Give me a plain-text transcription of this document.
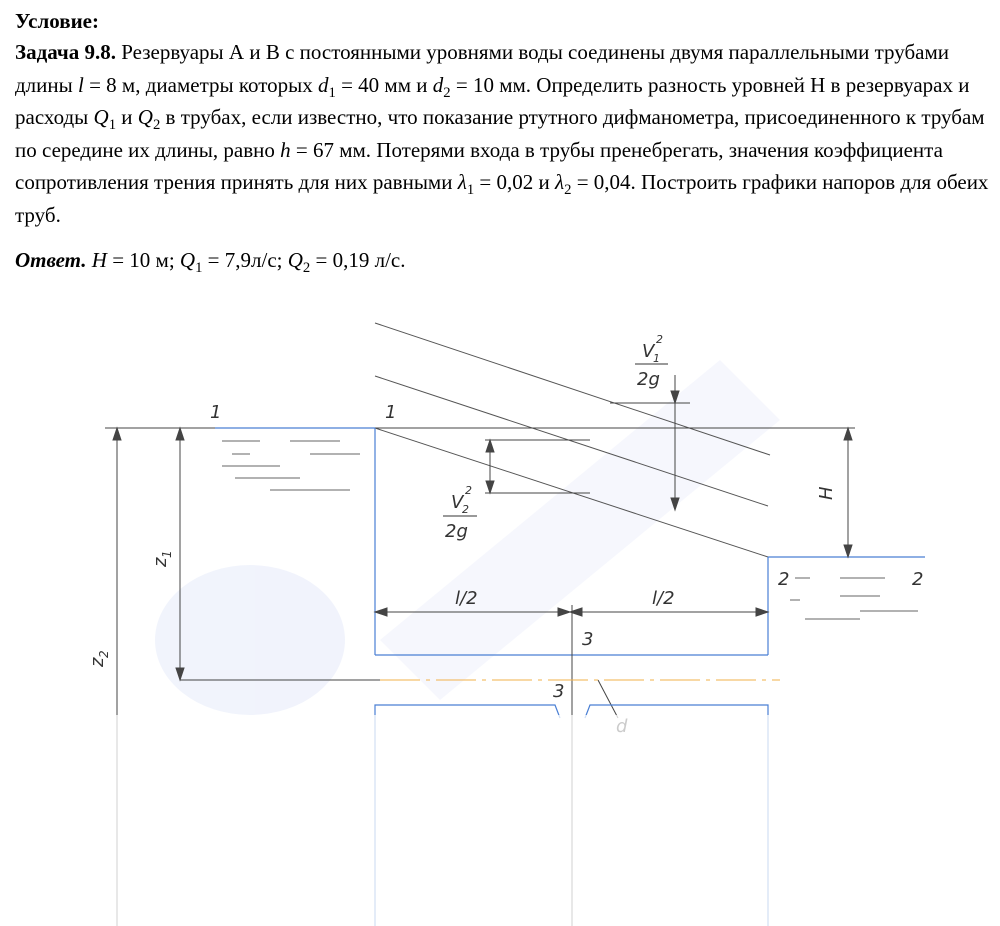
Условие:

Задача 9.8. Резервуары А и В с постоянными уровнями воды соединены двумя параллельными трубами длины l = 8 м, диаметры которых $d_1 = 40$ мм и $d_2 = 10$ мм. Определить разность уровней Н в резервуарах и расходы $Q_1$ и $Q_2$ в трубах, если известно, что показание ртутного дифманометра, присоединенного к трубам по середине их длины, равно h = 67 мм. Потерями входа в трубы пренебрегать, значения коэффициента сопротивления трения принять для них равными $\lambda_1 = 0,02$ и $\lambda_2 = 0,04$. Построить графики напоров для обеих труб.

Ответ. H = 10 м; $Q_1 = 7,9л/с$; $Q_2 = 0,19$ л/с.
1	1
2	2
3
3
l/2	l/2
H
z
1
z
2
V
1
2
2g
V
2
2
2g
